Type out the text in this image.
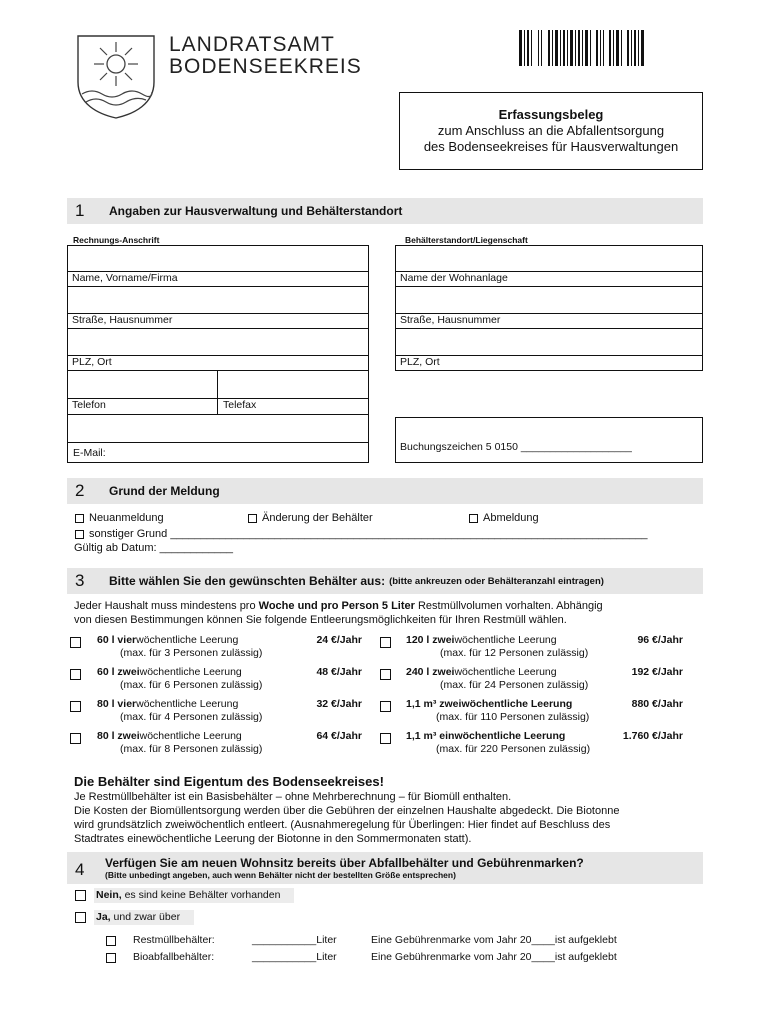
LANDRATSAMT
BODENSEEKREIS
Erfassungsbeleg
zum Anschluss an die Abfallentsorgung
des Bodenseekreises für Hausverwaltungen
1	Angaben zur Hausverwaltung und Behälterstandort
Rechnungs-Anschrift	Behälterstandort/Liegenschaft
Name, Vorname/Firma
Straße, Hausnummer
PLZ, Ort
Telefon	Telefax
E-Mail:
Name der Wohnanlage
Straße, Hausnummer
PLZ, Ort
Buchungszeichen 5 0150 ___________________
2	Grund der Meldung
Neuanmeldung	Änderung der Behälter	Abmeldung
sonstiger Grund ______________________________________________________________________________
Gültig ab Datum: ____________
3	Bitte wählen Sie den gewünschten Behälter aus: (bitte ankreuzen oder Behälteranzahl eintragen)
Jeder Haushalt muss mindestens pro Woche und pro Person 5 Liter Restmüllvolumen vorhalten. Abhängig
von diesen Bestimmungen können Sie folgende Entleerungsmöglichkeiten für Ihren Restmüll wählen.
60 l vierwöchentliche Leerung	24 €/Jahr
(max. für 3 Personen zulässig)
60 l zweiwöchentliche Leerung	48 €/Jahr
(max. für 6 Personen zulässig)
80 l vierwöchentliche Leerung	32 €/Jahr
(max. für 4 Personen zulässig)
80 l zweiwöchentliche Leerung	64 €/Jahr
(max. für 8 Personen zulässig)
120 l zweiwöchentliche Leerung	96 €/Jahr
(max. für 12 Personen zulässig)
240 l zweiwöchentliche Leerung	192 €/Jahr
(max. für 24 Personen zulässig)
1,1 m³ zweiwöchentliche Leerung	880 €/Jahr
(max. für 110 Personen zulässig)
1,1 m³ einwöchentliche Leerung	1.760 €/Jahr
(max. für 220 Personen zulässig)
Die Behälter sind Eigentum des Bodenseekreises!
Je Restmüllbehälter ist ein Basisbehälter – ohne Mehrberechnung – für Biomüll enthalten.
Die Kosten der Biomüllentsorgung werden über die Gebühren der einzelnen Haushalte abgedeckt. Die Biotonne
wird grundsätzlich zweiwöchentlich entleert. (Ausnahmeregelung für Überlingen: Hier findet auf Beschluss des
Stadtrates einewöchentliche Leerung der Biotonne in den Sommermonaten statt).
4 Verfügen Sie am neuen Wohnsitz bereits über Abfallbehälter und Gebührenmarken?
(Bitte unbedingt angeben, auch wenn Behälter nicht der bestellten Größe entsprechen)
Nein, es sind keine Behälter vorhanden
Ja, und zwar über
Restmüllbehälter:	___________Liter	Eine Gebührenmarke vom Jahr 20____ist aufgeklebt
Bioabfallbehälter:	___________Liter	Eine Gebührenmarke vom Jahr 20____ist aufgeklebt
